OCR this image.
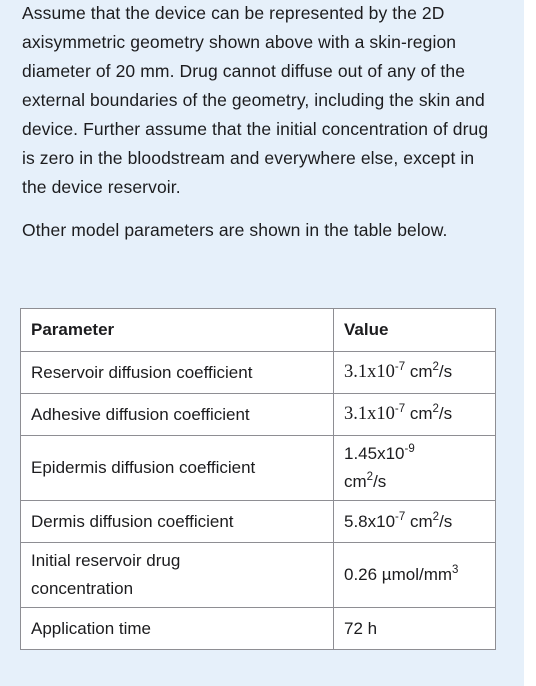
Assume that the device can be represented by the 2D axisymmetric geometry shown above with a skin-region diameter of 20 mm. Drug cannot diffuse out of any of the external boundaries of the geometry, including the skin and device. Further assume that the initial concentration of drug is zero in the bloodstream and everywhere else, except in the device reservoir.

Other model parameters are shown in the table below.

Parameter	Value
Reservoir diffusion coefficient	$3.1x10^{-7}$ $cm^2/s$
Adhesive diffusion coefficient	$3.1x10^{-7}$ $cm^2/s$
Epidermis diffusion coefficient	$1.45x10^{-9}$
$cm^2/s$

Dermis diffusion coefficient	$5.8x10^{-7}$ $cm^2/s$

Initial reservoir drug
concentration	0.26 µmol/$mm^3$
Application time	72 h
